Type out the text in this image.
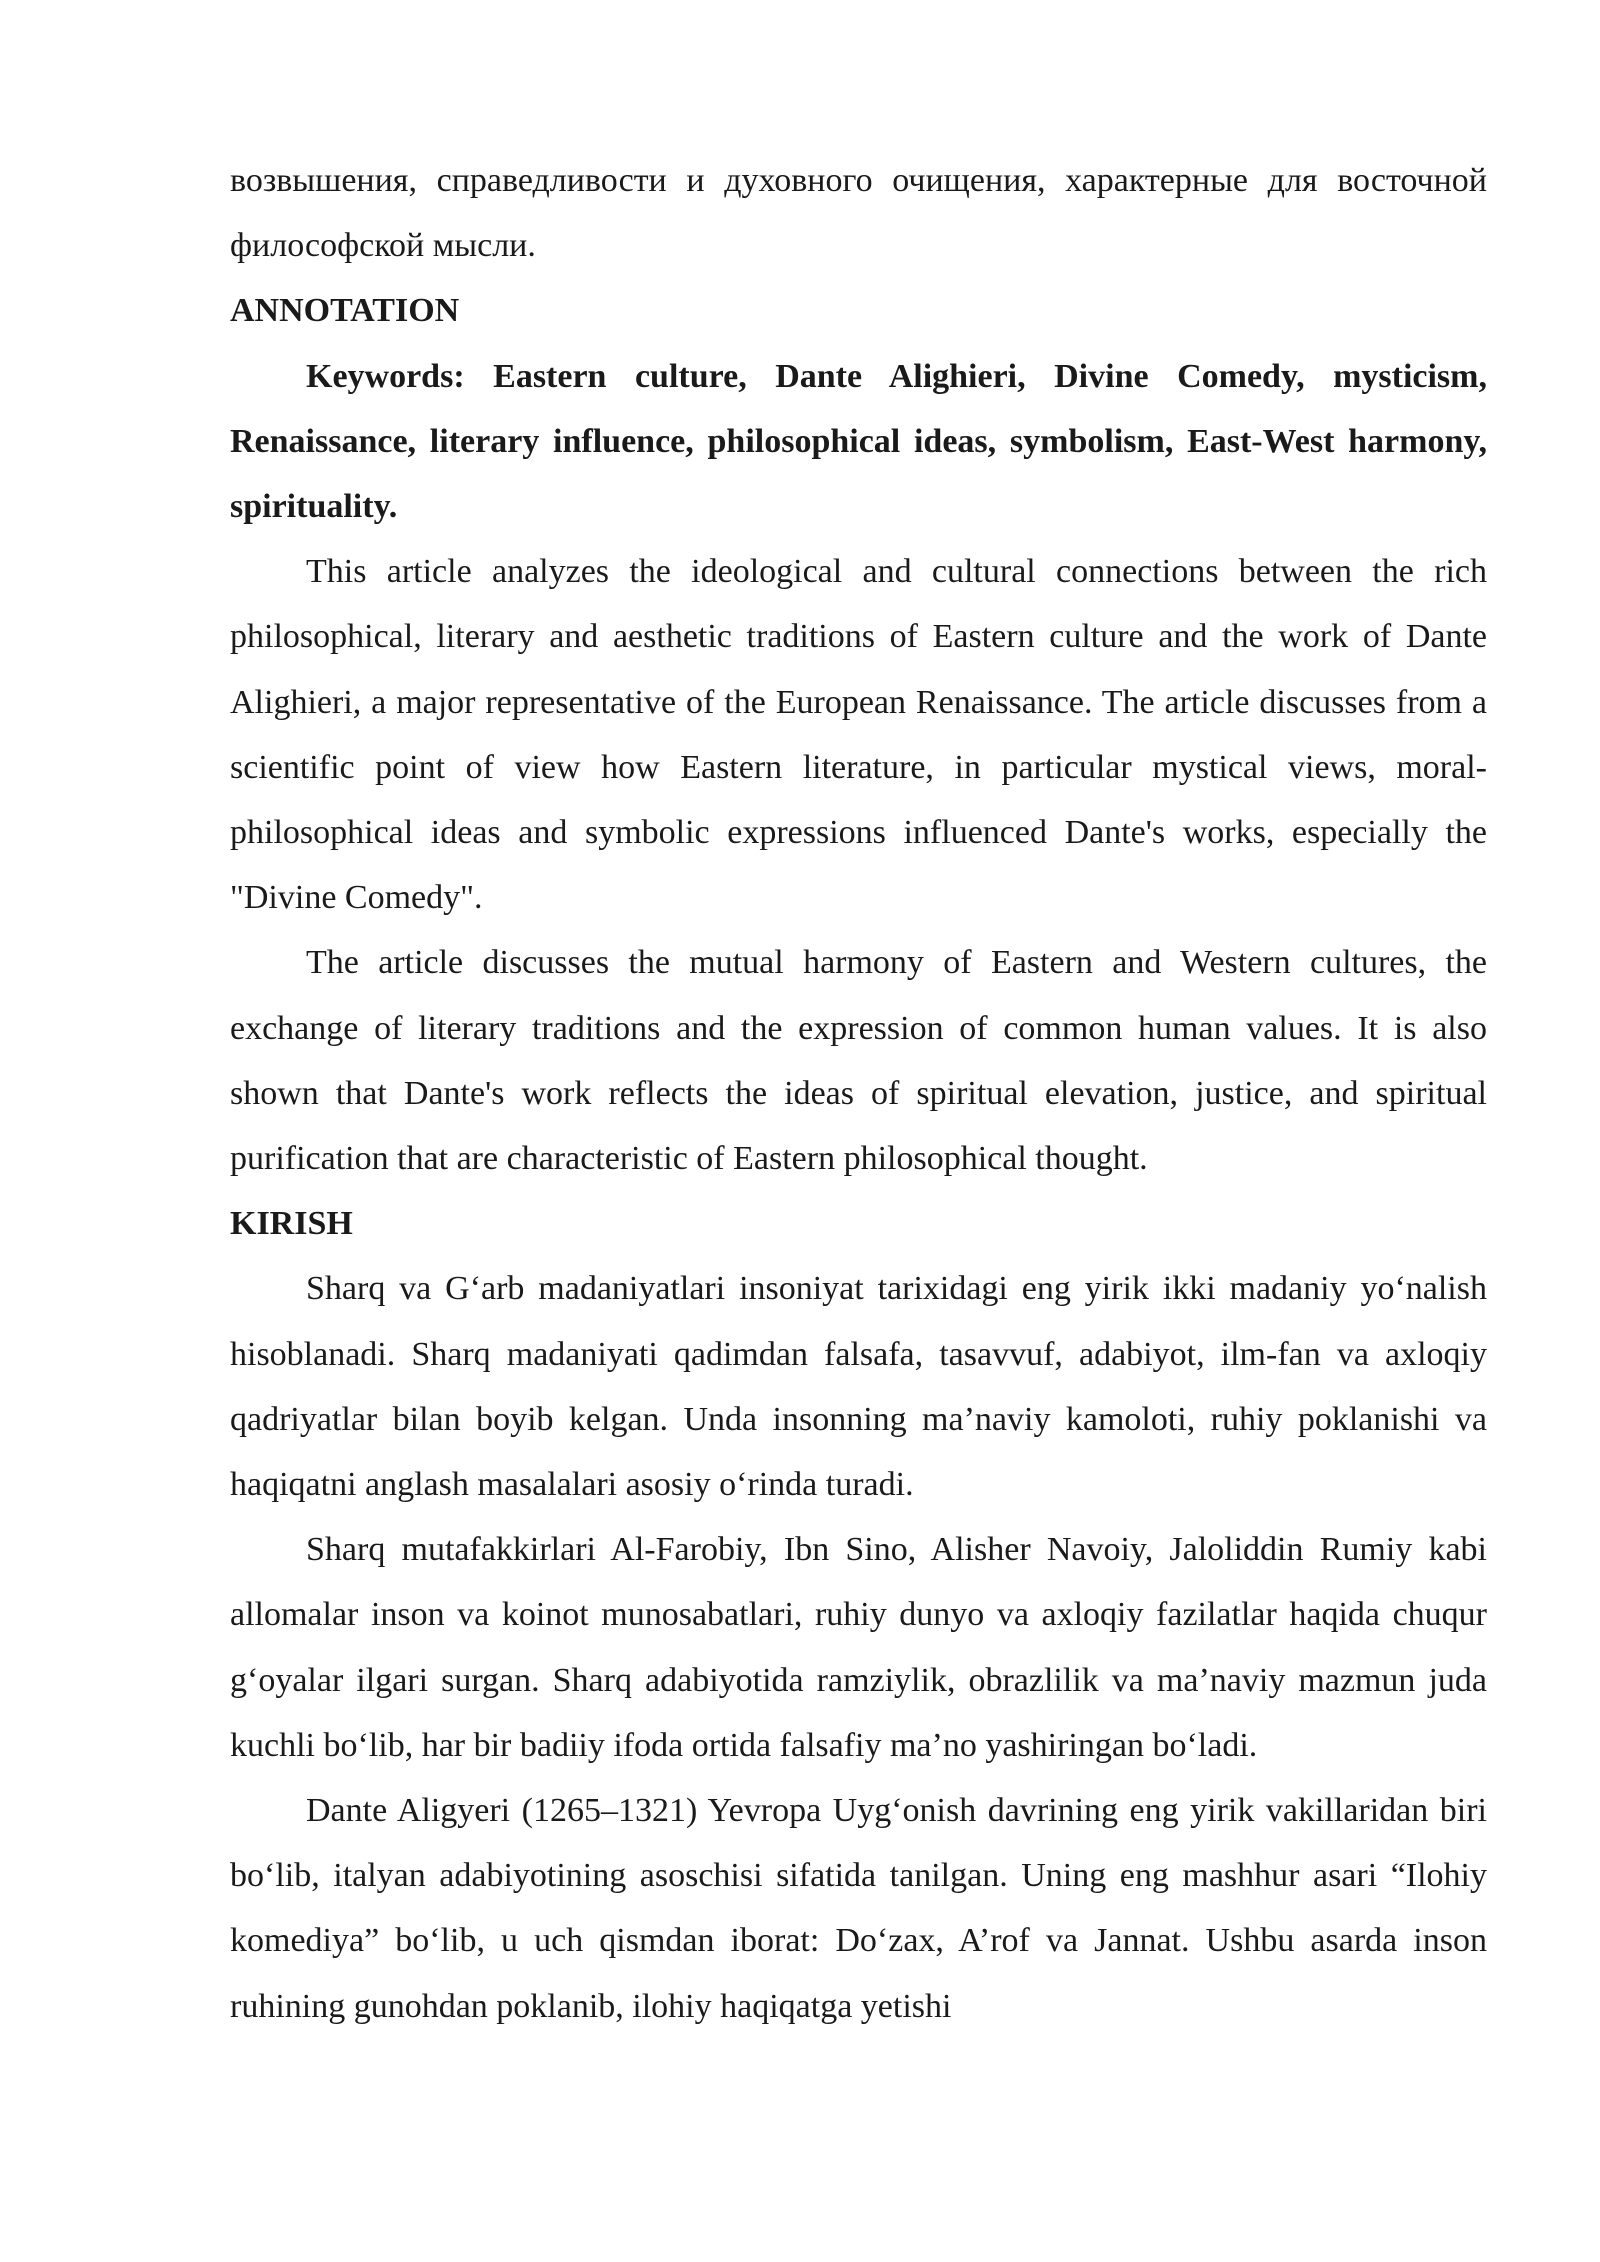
возвышения, справедливости и духовного очищения, характерные для восточной философской мысли.

ANNOTATION

Keywords: Eastern culture, Dante Alighieri, Divine Comedy, mysticism, Renaissance, literary influence, philosophical ideas, symbolism, East-West harmony, spirituality.

This article analyzes the ideological and cultural connections between the rich philosophical, literary and aesthetic traditions of Eastern culture and the work of Dante Alighieri, a major representative of the European Renaissance. The article discusses from a scientific point of view how Eastern literature, in particular mystical views, moral-philosophical ideas and symbolic expressions influenced Dante's works, especially the "Divine Comedy".

The article discusses the mutual harmony of Eastern and Western cultures, the exchange of literary traditions and the expression of common human values. It is also shown that Dante's work reflects the ideas of spiritual elevation, justice, and spiritual purification that are characteristic of Eastern philosophical thought.

KIRISH

Sharq va G‘arb madaniyatlari insoniyat tarixidagi eng yirik ikki madaniy yo‘nalish hisoblanadi. Sharq madaniyati qadimdan falsafa, tasavvuf, adabiyot, ilm-fan va axloqiy qadriyatlar bilan boyib kelgan. Unda insonning ma’naviy kamoloti, ruhiy poklanishi va haqiqatni anglash masalalari asosiy o‘rinda turadi.

Sharq mutafakkirlari Al-Farobiy, Ibn Sino, Alisher Navoiy, Jaloliddin Rumiy kabi allomalar inson va koinot munosabatlari, ruhiy dunyo va axloqiy fazilatlar haqida chuqur g‘oyalar ilgari surgan. Sharq adabiyotida ramziylik, obrazlilik va ma’naviy mazmun juda kuchli bo‘lib, har bir badiiy ifoda ortida falsafiy ma’no yashiringan bo‘ladi.

Dante Aligyeri (1265–1321) Yevropa Uyg‘onish davrining eng yirik vakillaridan biri bo‘lib, italyan adabiyotining asoschisi sifatida tanilgan. Uning eng mashhur asari “Ilohiy komediya” bo‘lib, u uch qismdan iborat: Do‘zax, A’rof va Jannat. Ushbu asarda inson ruhining gunohdan poklanib, ilohiy haqiqatga yetishi
